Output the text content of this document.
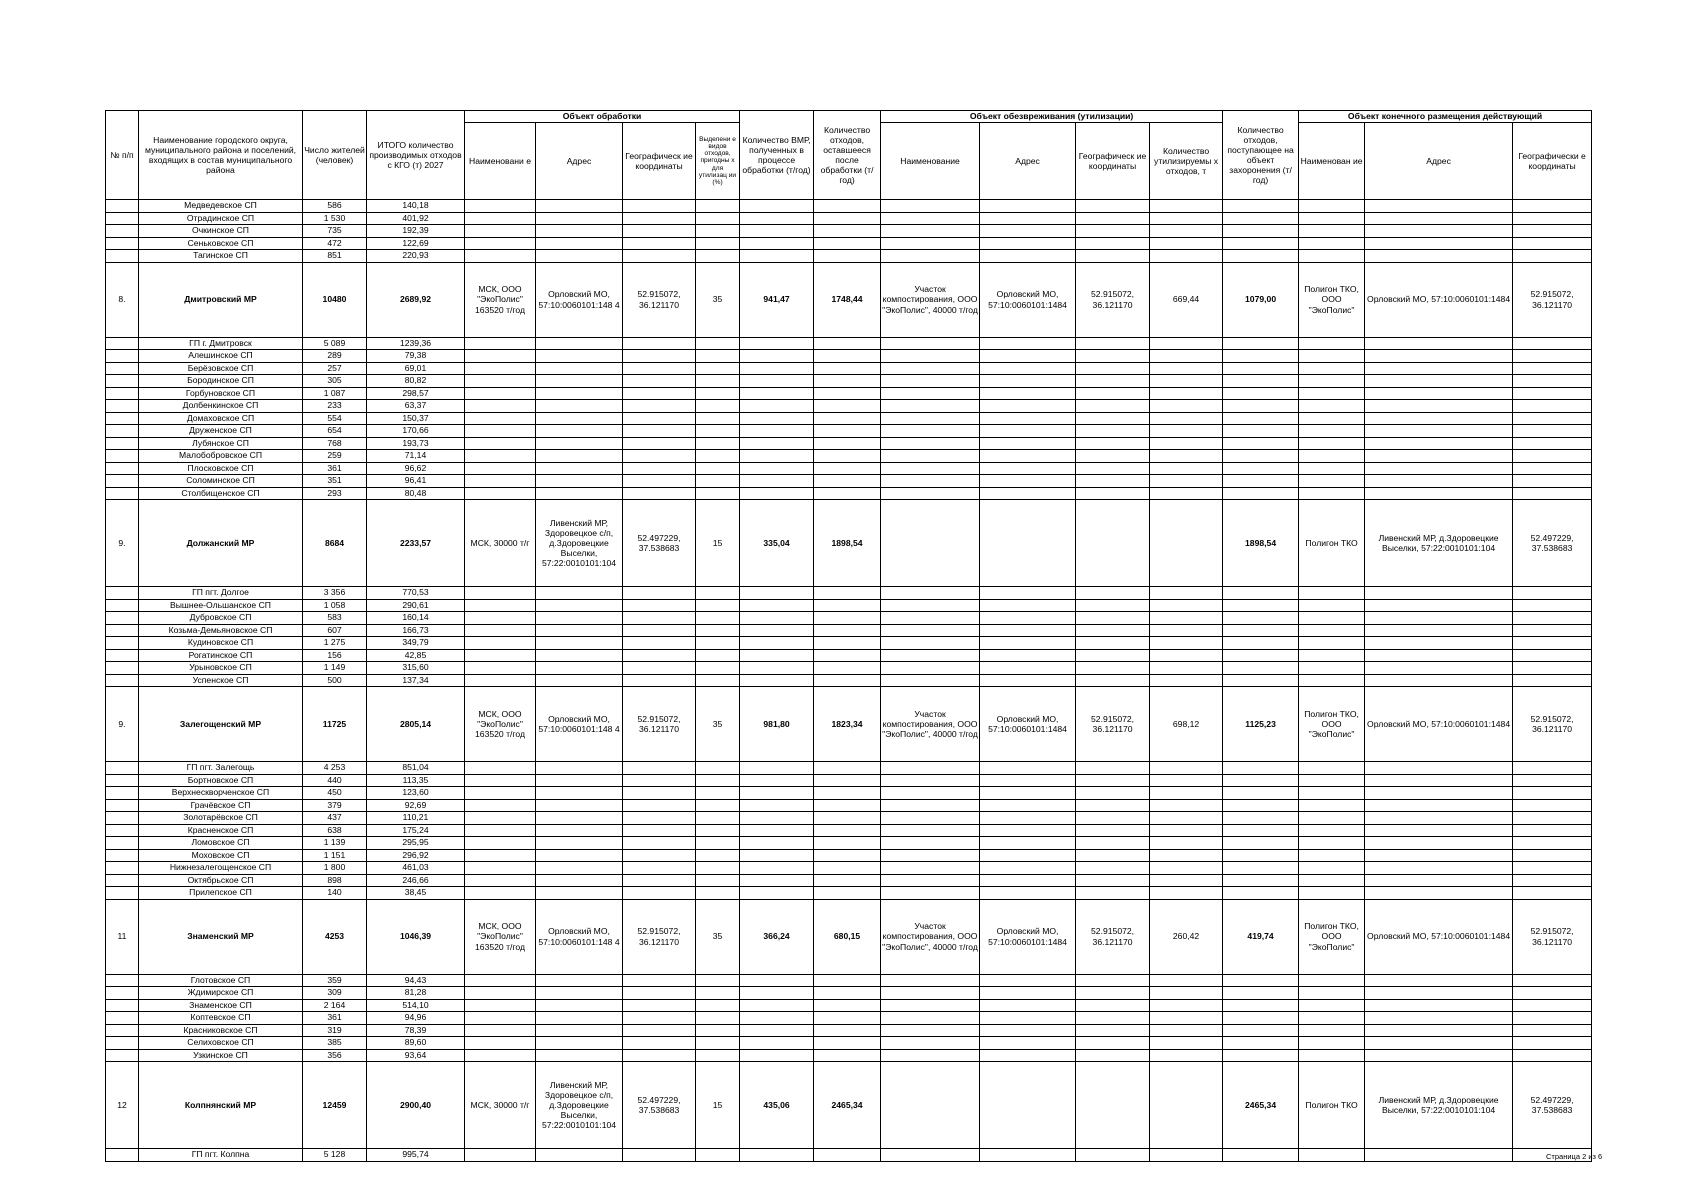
№ п/п	Наименование городского округа, муниципального района и поселений, входящих в состав муниципального района	Число жителей (человек)	ИТОГО количество производимых отходов с КГО (т) 2027	Объект обработки				Количество ВМР, полученных в процессе обработки (т/год)	Количество отходов, оставшееся после обработки (т/год)	Объект обезвреживания (утилизации)				Количество отходов, поступающее на объект захоронения (т/год)	Объект конечного размещения действующий		
				Наименовани е	Адрес	Географическ ие координаты	Выделени е видов отходов, пригодны х для утилизац ии (%)			Наименование	Адрес	Географическ ие координаты	Количество утилизируемы х отходов, т		Наименован ие	Адрес	Географически е координаты
	Медведевское СП	586	140,18														
	Отрадинское СП	1 530	401,92														
	Очкинское СП	735	192,39														
	Сеньковское СП	472	122,69														
	Тагинское СП	851	220,93														
8.	Дмитровский МР	10480	2689,92	МСК, ООО "ЭкоПолис" 163520 т/год	Орловский МО, 57:10:0060101:148 4	52.915072, 36.121170	35	941,47	1748,44	Участок компостирования, ООО "ЭкоПолис", 40000 т/год	Орловский МО, 57:10:0060101:1484	52.915072, 36.121170	669,44	1079,00	Полигон ТКО, ООО "ЭкоПолис"	Орловский МО, 57:10:0060101:1484	52.915072, 36.121170
	ГП г. Дмитровск	5 089	1239,36														
	Алешинское СП	289	79,38														
	Берёзовское СП	257	69,01														
	Бородинское СП	305	80,82														
	Горбуновское СП	1 087	298,57														
	Долбенкинское СП	233	63,37														
	Домаховское СП	554	150,37														
	Друженское СП	654	170,66														
	Лубянское СП	768	193,73														
	Малобобровское СП	259	71,14														
	Плосковское СП	361	96,62														
	Соломинское СП	351	96,41														
	Столбищенское СП	293	80,48														
9.	Должанский МР	8684	2233,57	МСК, 30000 т/г	Ливенский МР, Здоровецкое с/п, д.Здоровецкие Выселки, 57:22:0010101:104	52.497229, 37.538683	15	335,04	1898,54					1898,54	Полигон ТКО	Ливенский МР, д.Здоровецкие Выселки, 57:22:0010101:104	52.497229, 37.538683
	ГП пгт. Долгое	3 356	770,53														
	Вышнее-Ольшанское СП	1 058	290,61														
	Дубровское СП	583	160,14														
	Козьма-Демьяновское СП	607	166,73														
	Кудиновское СП	1 275	349,79														
	Рогатинское СП	156	42,85														
	Урыновское СП	1 149	315,60														
	Успенское СП	500	137,34														
9.	Залегощенский МР	11725	2805,14	МСК, ООО "ЭкоПолис" 163520 т/год	Орловский МО, 57:10:0060101:148 4	52.915072, 36.121170	35	981,80	1823,34	Участок компостирования, ООО "ЭкоПолис", 40000 т/год	Орловский МО, 57:10:0060101:1484	52.915072, 36.121170	698,12	1125,23	Полигон ТКО, ООО "ЭкоПолис"	Орловский МО, 57:10:0060101:1484	52.915072, 36.121170
	ГП пгт. Залегощь	4 253	851,04														
	Бортновское СП	440	113,35														
	Верхнескворченское СП	450	123,60														
	Грачёвское СП	379	92,69														
	Золотарёвское СП	437	110,21														
	Красненское СП	638	175,24														
	Ломовское СП	1 139	295,95														
	Моховское СП	1 151	296,92														
	Нижнезалегощенское СП	1 800	461,03														
	Октябрьское СП	898	246,66														
	Прилепское СП	140	38,45														
11	Знаменский МР	4253	1046,39	МСК, ООО "ЭкоПолис" 163520 т/год	Орловский МО, 57:10:0060101:148 4	52.915072, 36.121170	35	366,24	680,15	Участок компостирования, ООО "ЭкоПолис", 40000 т/год	Орловский МО, 57:10:0060101:1484	52.915072, 36.121170	260,42	419,74	Полигон ТКО, ООО "ЭкоПолис"	Орловский МО, 57:10:0060101:1484	52.915072, 36.121170
	Глотовское СП	359	94,43														
	Ждимирское СП	309	81,28														
	Знаменское СП	2 164	514,10														
	Коптевское СП	361	94,96														
	Красниковское СП	319	78,39														
	Селиховское СП	385	89,60														
	Узкинское СП	356	93,64														
12	Колпнянский МР	12459	2900,40	МСК, 30000 т/г	Ливенский МР, Здоровецкое с/п, д.Здоровецкие Выселки, 57:22:0010101:104	52.497229, 37.538683	15	435,06	2465,34					2465,34	Полигон ТКО	Ливенский МР, д.Здоровецкие Выселки, 57:22:0010101:104	52.497229, 37.538683
	ГП пгт. Колпна	5 128	995,74															Страница 2 из 6
